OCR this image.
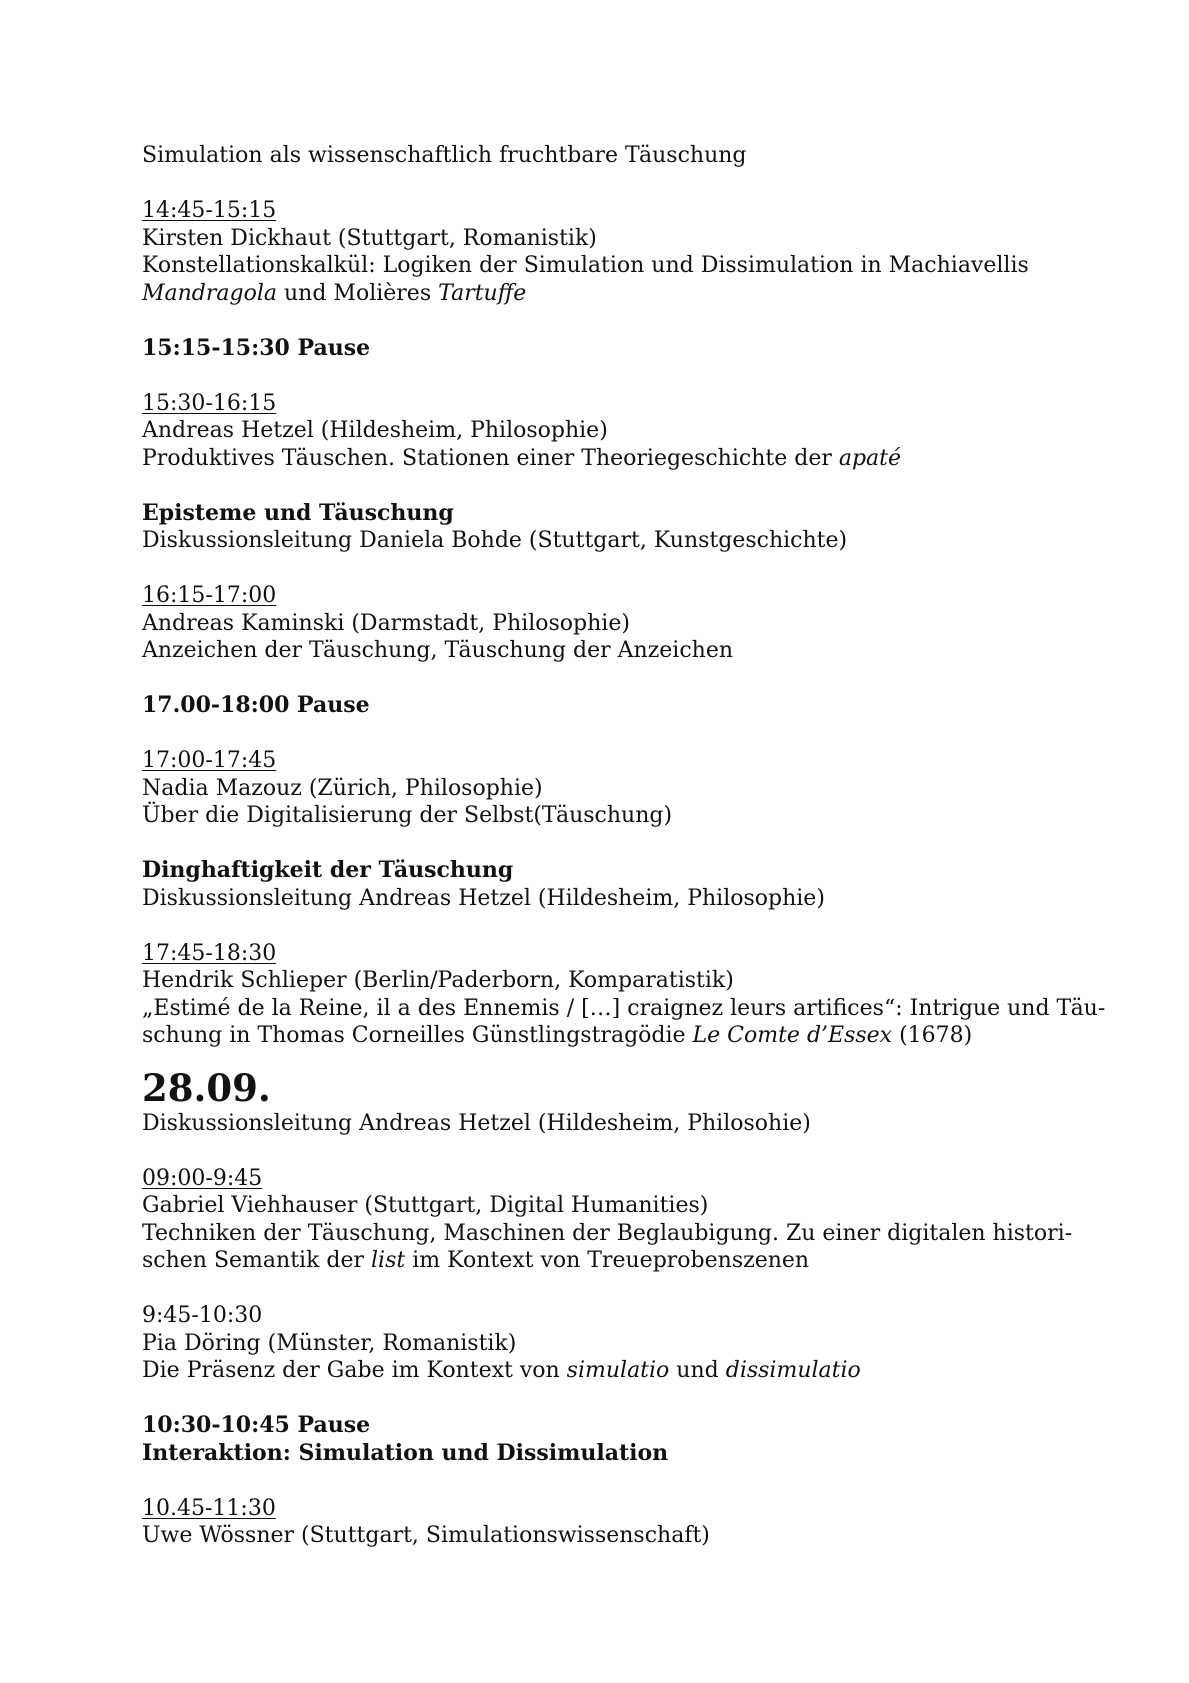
Simulation als wissenschaftlich fruchtbare Täuschung
14:45-15:15
Kirsten Dickhaut (Stuttgart, Romanistik)
Konstellationskalkül: Logiken der Simulation und Dissimulation in Machiavellis
Mandragola und Molières Tartuffe
15:15-15:30 Pause
15:30-16:15
Andreas Hetzel (Hildesheim, Philosophie)
Produktives Täuschen. Stationen einer Theoriegeschichte der apaté
Episteme und Täuschung
Diskussionsleitung Daniela Bohde (Stuttgart, Kunstgeschichte)
16:15-17:00
Andreas Kaminski (Darmstadt, Philosophie)
Anzeichen der Täuschung, Täuschung der Anzeichen
17.00-18:00 Pause
17:00-17:45
Nadia Mazouz (Zürich, Philosophie)
Über die Digitalisierung der Selbst(Täuschung)
Dinghaftigkeit der Täuschung
Diskussionsleitung Andreas Hetzel (Hildesheim, Philosophie)
17:45-18:30
Hendrik Schlieper (Berlin/Paderborn, Komparatistik)
„Estimé de la Reine, il a des Ennemis / […] craignez leurs artifices“: Intrigue und Täu-
schung in Thomas Corneilles Günstlingstragödie Le Comte d’Essex (1678)
28.09.
Diskussionsleitung Andreas Hetzel (Hildesheim, Philosohie)
09:00-9:45
Gabriel Viehhauser (Stuttgart, Digital Humanities)
Techniken der Täuschung, Maschinen der Beglaubigung. Zu einer digitalen histori-
schen Semantik der list im Kontext von Treueprobenszenen
9:45-10:30
Pia Döring (Münster, Romanistik)
Die Präsenz der Gabe im Kontext von simulatio und dissimulatio
10:30-10:45 Pause
Interaktion: Simulation und Dissimulation
10.45-11:30
Uwe Wössner (Stuttgart, Simulationswissenschaft)
